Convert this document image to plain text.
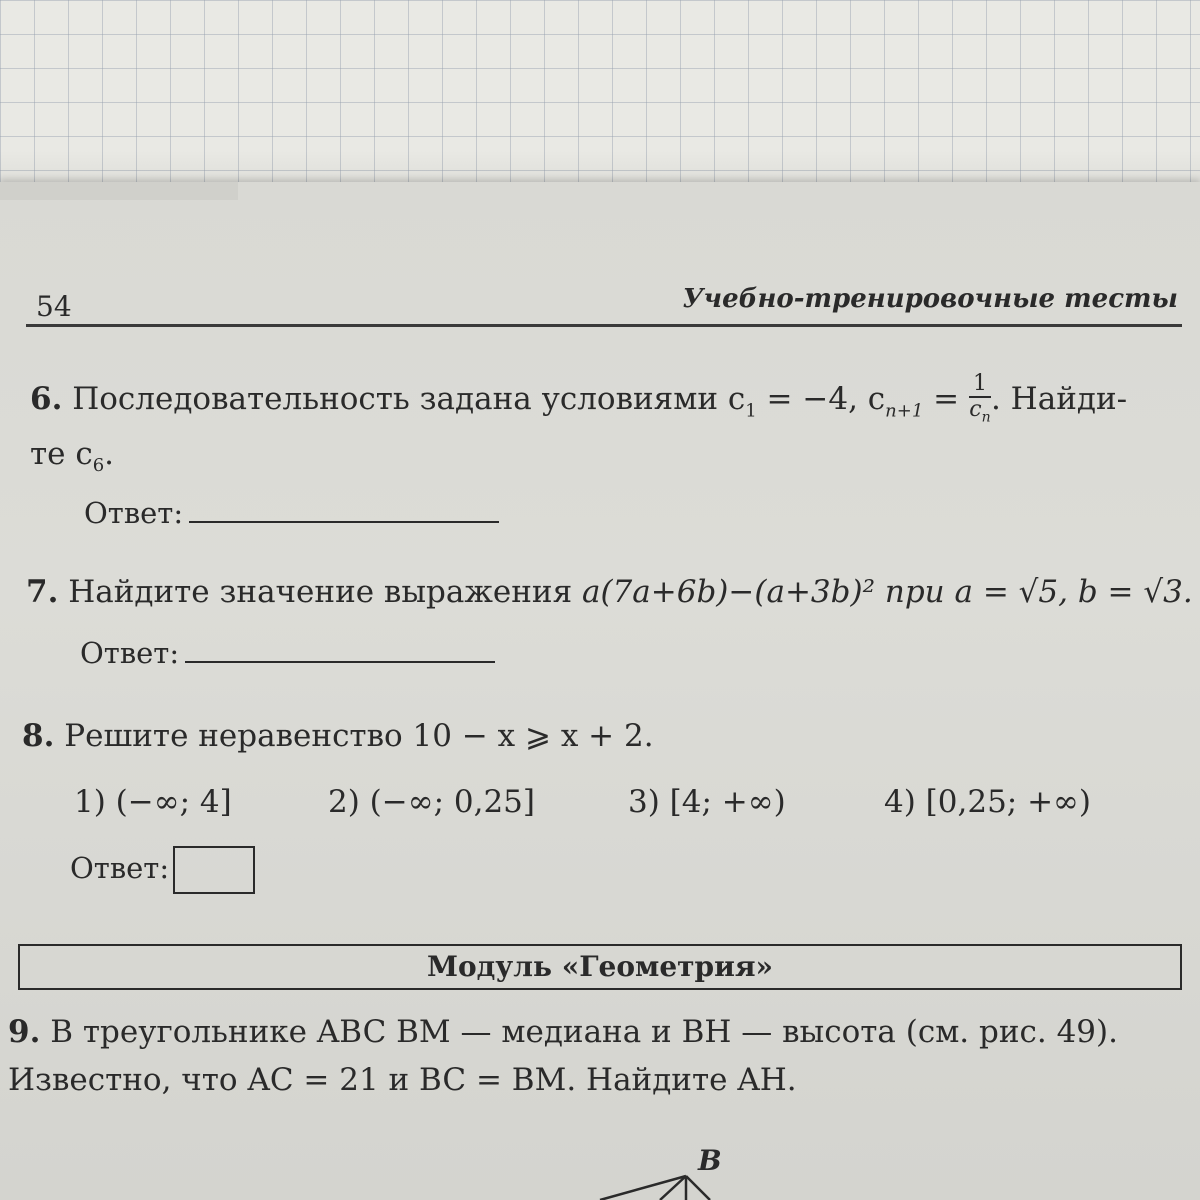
54	Учебно-тренировочные тесты
6. Последовательность задана условиями $c_1 = -4$, $c_{n+1} = \frac{1}{c_n}$ . Найди-
те $c_6$.
Ответ:
7. Найдите значение выражения a(7a+6b)−(a+3b)² при a = √5, b = √3.
Ответ:
8. Решите неравенство 10 − x ⩾ x + 2.
1) (−∞; 4]	2) (−∞; 0,25]	3) [4; +∞)	4) [0,25; +∞)
Ответ:
Модуль «Геометрия»
9. В треугольнике ABC BM — медиана и BH — высота (см. рис. 49).
Известно, что AC = 21 и BC = BM. Найдите AH.
B
